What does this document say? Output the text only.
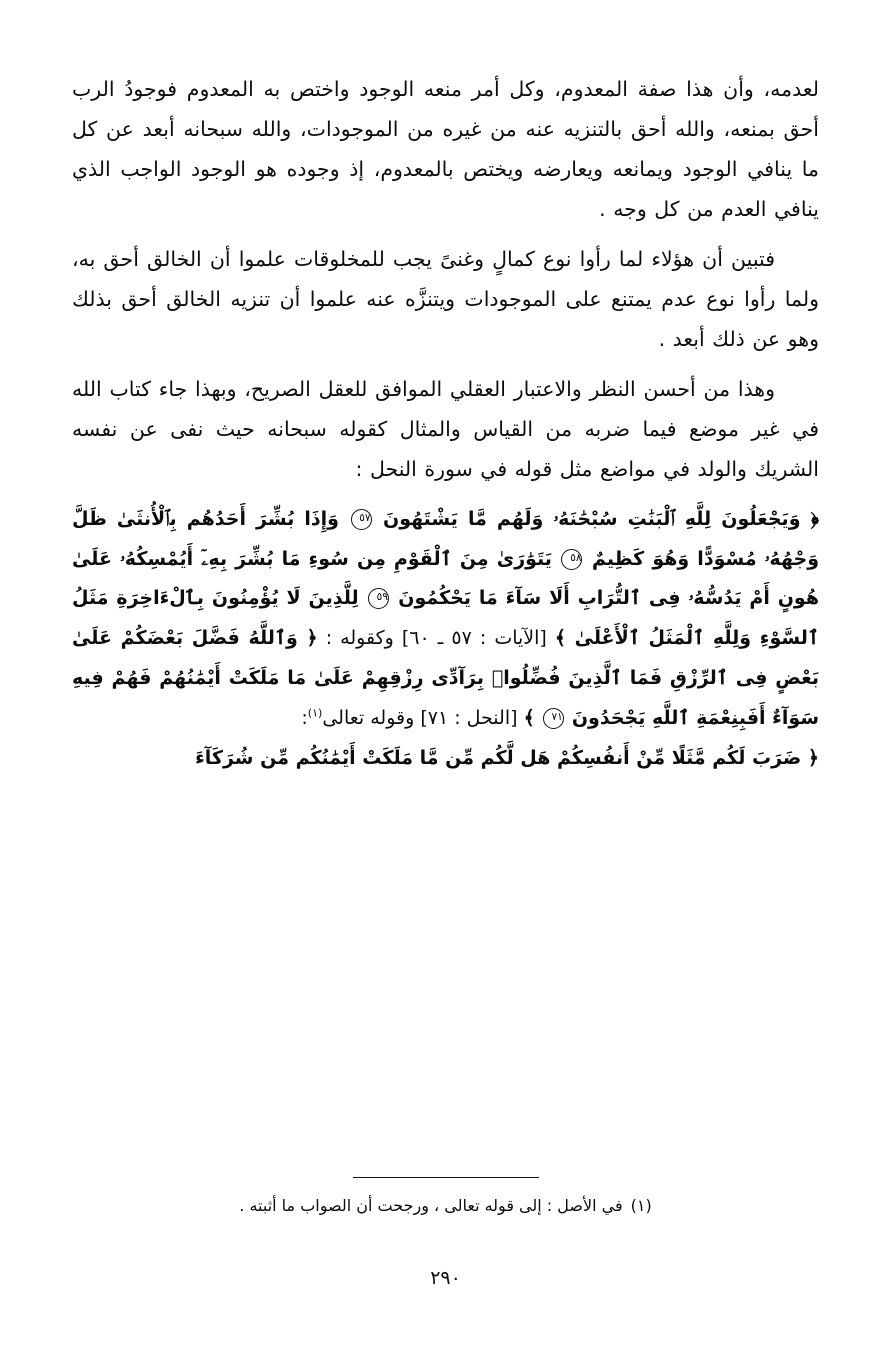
لعدمه، وأن هذا صفة المعدوم، وكل أمر منعه الوجود واختص به المعدوم فوجودُ الرب أحق بمنعه، والله أحق بالتنزيه عنه من غيره من الموجودات، والله سبحانه أبعد عن كل ما ينافي الوجود ويمانعه ويعارضه ويختص بالمعدوم، إذ وجوده هو الوجود الواجب الذي ينافي العدم من كل وجه .

فتبين أن هؤلاء لما رأوا نوع كمالٍ وغنىً يجب للمخلوقات علموا أن الخالق أحق به، ولما رأوا نوع عدم يمتنع على الموجودات ويتنزَّه عنه علموا أن تنزيه الخالق أحق بذلك وهو عن ذلك أبعد .

وهذا من أحسن النظر والاعتبار العقلي الموافق للعقل الصريح، وبهذا جاء كتاب الله في غير موضع فيما ضربه من القياس والمثال كقوله سبحانه حيث نفى عن نفسه الشريك والولد في مواضع مثل قوله في سورة النحل :

﴿ وَيَجْعَلُونَ لِلَّهِ ٱلْبَنَٰتِ سُبْحَٰنَهُۥ وَلَهُم مَّا يَشْتَهُونَ ٥٧ وَإِذَا بُشِّرَ أَحَدُهُم بِٱلْأُنثَىٰ ظَلَّ وَجْهُهُۥ مُسْوَدًّا وَهُوَ كَظِيمٌ ٥٨ يَتَوَٰرَىٰ مِنَ ٱلْقَوْمِ مِن سُوءِ مَا بُشِّرَ بِهِۦٓ أَيُمْسِكُهُۥ عَلَىٰ هُونٍ أَمْ يَدُسُّهُۥ فِى ٱلتُّرَابِ أَلَا سَآءَ مَا يَحْكُمُونَ ٥٩ لِلَّذِينَ لَا يُؤْمِنُونَ بِٱلْءَاخِرَةِ مَثَلُ ٱلسَّوْءِ وَلِلَّهِ ٱلْمَثَلُ ٱلْأَعْلَىٰ ﴾ [الآيات : ٥٧ ـ ٦٠] وكقوله : ﴿ وَٱللَّهُ فَضَّلَ بَعْضَكُمْ عَلَىٰ بَعْضٍ فِى ٱلرِّزْقِ فَمَا ٱلَّذِينَ فُضِّلُوا۟ بِرَآدِّى رِزْقِهِمْ عَلَىٰ مَا مَلَكَتْ أَيْمَٰنُهُمْ فَهُمْ فِيهِ سَوَآءٌ أَفَبِنِعْمَةِ ٱللَّهِ يَجْحَدُونَ ٧١ ﴾ [النحل : ٧١] وقوله تعالى$^{(١)}$:
﴿ ضَرَبَ لَكُم مَّثَلًا مِّنْ أَنفُسِكُمْ هَل لَّكُم مِّن مَّا مَلَكَتْ أَيْمَٰنُكُم مِّن شُرَكَآءَ

(١)في الأصل : إلى قوله تعالى ، ورجحت أن الصواب ما أثبته .

٢٩٠
